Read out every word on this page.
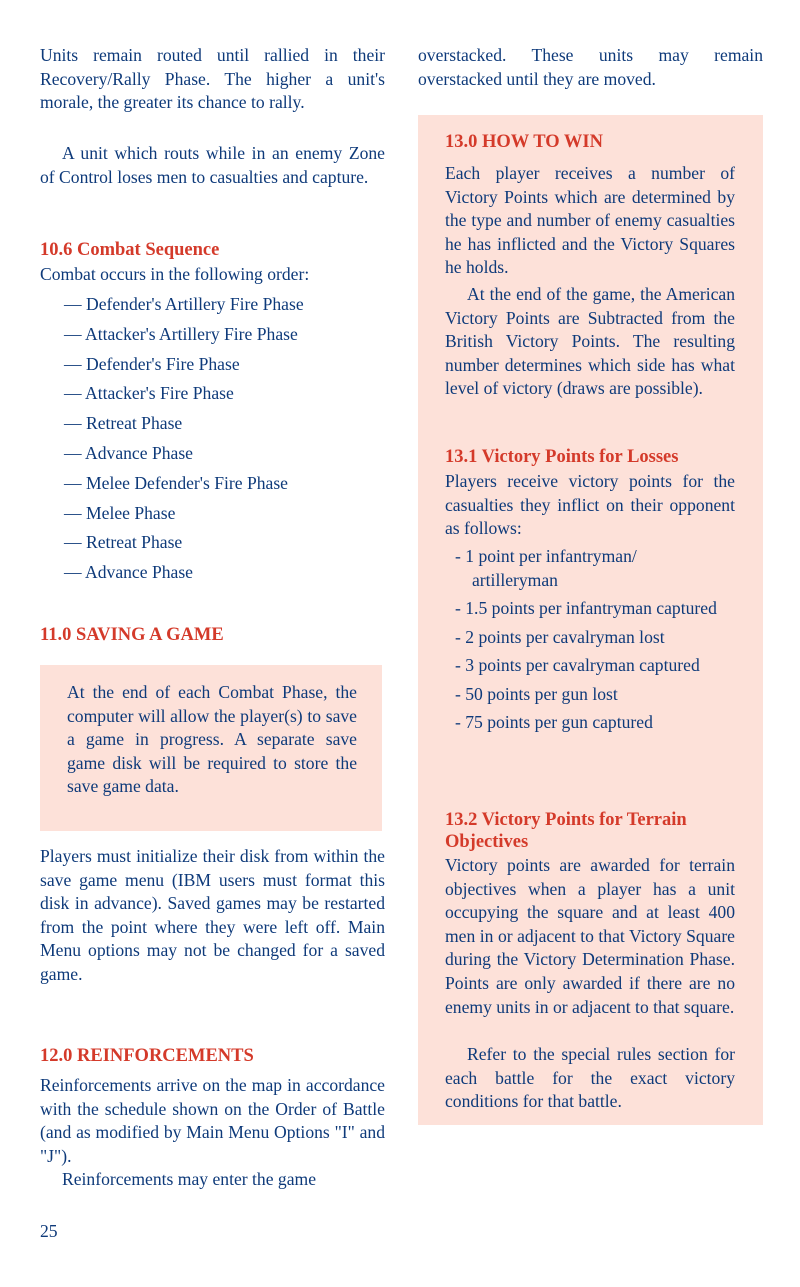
At the end of each Combat Phase, the computer will allow the player(s) to save a game in progress. A separate save game disk will be required to store the save game data.

Units remain routed until rallied in their Recovery/Rally Phase. The higher a unit's morale, the greater its chance to rally.

A unit which routs while in an enemy Zone of Control loses men to casualties and capture.

10.6 Combat Sequence

Combat occurs in the following order:

— Defender's Artillery Fire Phase
— Attacker's Artillery Fire Phase
— Defender's Fire Phase
— Attacker's Fire Phase
— Retreat Phase
— Advance Phase
— Melee Defender's Fire Phase
— Melee Phase
— Retreat Phase
— Advance Phase
11.0 SAVING A GAME

Players must initialize their disk from within the save game menu (IBM users must format this disk in advance). Saved games may be restarted from the point where they were left off. Main Menu options may not be changed for a saved game.

12.0 REINFORCEMENTS

Reinforcements arrive on the map in accordance with the schedule shown on the Order of Battle (and as modified by Main Menu Options "I" and "J").

Reinforcements may enter the game

25

overstacked. These units may remain overstacked until they are moved.

13.0 HOW TO WIN

Each player receives a number of Victory Points which are determined by the type and number of enemy casualties he has inflicted and the Victory Squares he holds.

At the end of the game, the American Victory Points are Subtracted from the British Victory Points. The resulting number determines which side has what level of victory (draws are possible).

13.1 Victory Points for Losses

Players receive victory points for the casualties they inflict on their opponent as follows:

- 1 point per infantryman/ artilleryman
- 1.5 points per infantryman captured
- 2 points per cavalryman lost
- 3 points per cavalryman captured
- 50 points per gun lost
- 75 points per gun captured
13.2 Victory Points for Terrain Objectives

Victory points are awarded for terrain objectives when a player has a unit occupying the square and at least 400 men in or adjacent to that Victory Square during the Victory Determination Phase. Points are only awarded if there are no enemy units in or adjacent to that square.

Refer to the special rules section for each battle for the exact victory conditions for that battle.
